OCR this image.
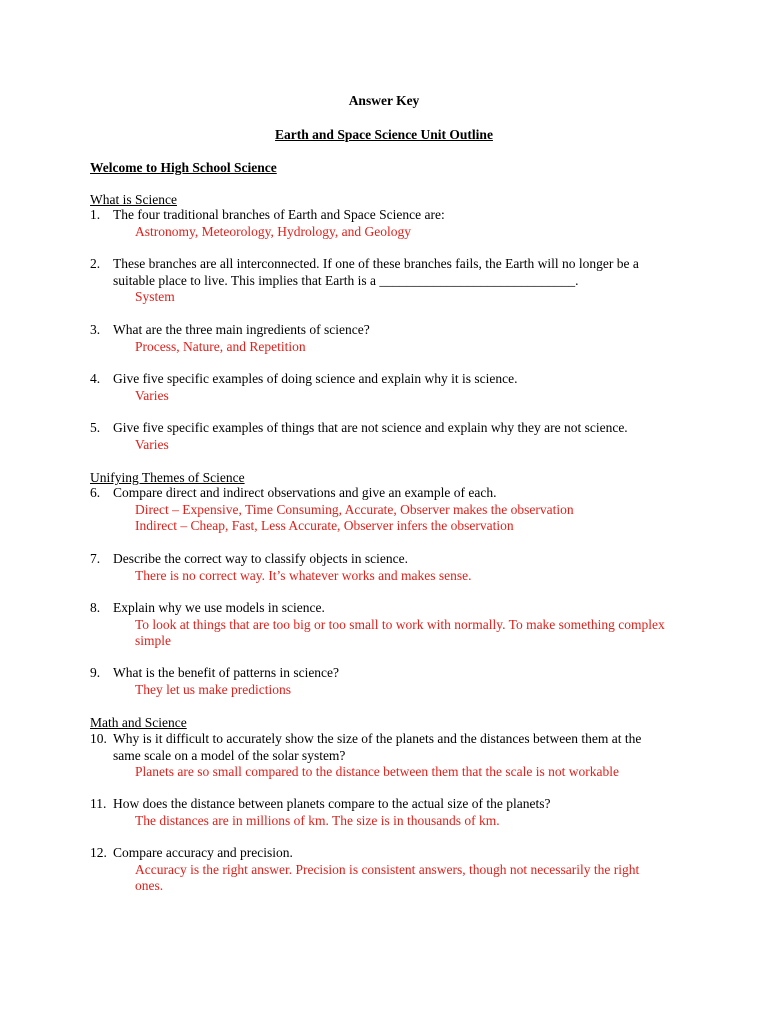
Answer Key
Earth and Space Science Unit Outline
Welcome to High School Science
What is Science
1. The four traditional branches of Earth and Space Science are:
Astronomy, Meteorology, Hydrology, and Geology
2. These branches are all interconnected. If one of these branches fails, the Earth will no longer be a suitable place to live. This implies that Earth is a _____________________________.
System
3. What are the three main ingredients of science?
Process, Nature, and Repetition
4. Give five specific examples of doing science and explain why it is science.
Varies
5. Give five specific examples of things that are not science and explain why they are not science.
Varies
Unifying Themes of Science
6. Compare direct and indirect observations and give an example of each.
Direct – Expensive, Time Consuming, Accurate, Observer makes the observation
Indirect – Cheap, Fast, Less Accurate, Observer infers the observation
7. Describe the correct way to classify objects in science.
There is no correct way. It’s whatever works and makes sense.
8. Explain why we use models in science.
To look at things that are too big or too small to work with normally. To make something complex simple
9. What is the benefit of patterns in science?
They let us make predictions
Math and Science
10. Why is it difficult to accurately show the size of the planets and the distances between them at the same scale on a model of the solar system?
Planets are so small compared to the distance between them that the scale is not workable
11. How does the distance between planets compare to the actual size of the planets?
The distances are in millions of km. The size is in thousands of km.
12. Compare accuracy and precision.
Accuracy is the right answer. Precision is consistent answers, though not necessarily the right ones.
